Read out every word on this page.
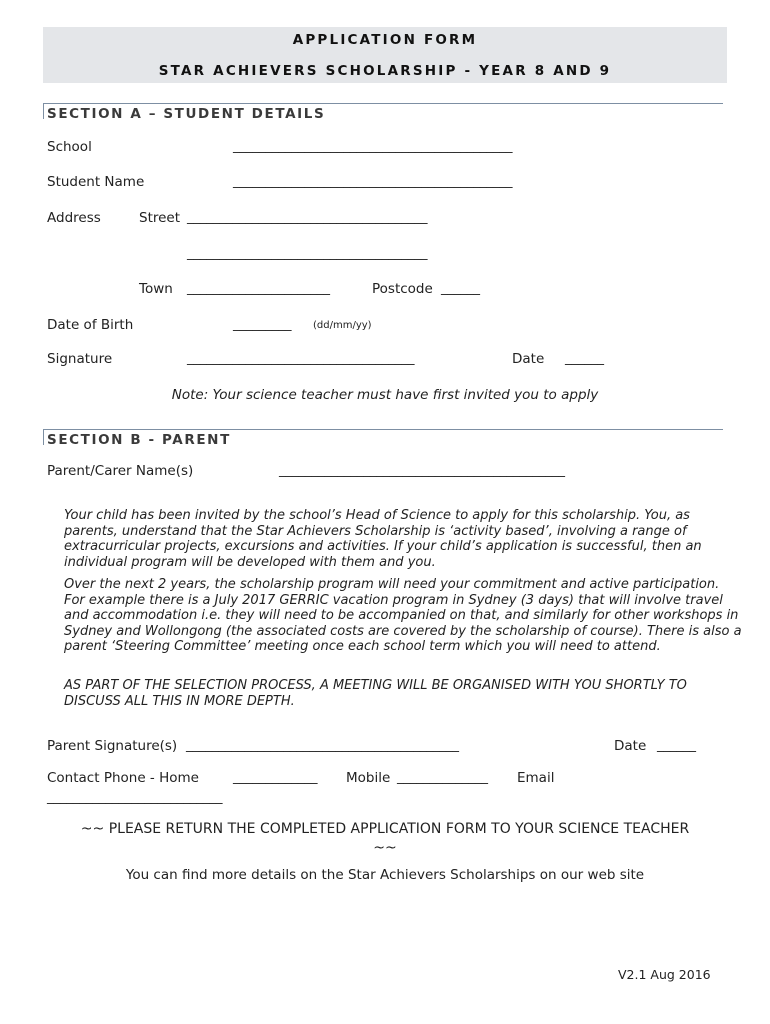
APPLICATION FORM
STAR ACHIEVERS SCHOLARSHIP - YEAR 8 AND 9
SECTION A – STUDENT DETAILS
School	___________________________________________
Student Name	___________________________________________
Address	Street _____________________________________
_____________________________________
Town ______________________	Postcode ______
Date of Birth	_________ (dd/mm/yy)
Signature	___________________________________	Date ______
Note: Your science teacher must have first invited you to apply
SECTION B - PARENT
Parent/Carer Name(s)	____________________________________________
Your child has been invited by the school’s Head of Science to apply for this scholarship. You, as parents, understand that the Star Achievers Scholarship is ‘activity based’, involving a range of extracurricular projects, excursions and activities. If your child’s application is successful, then an individual program will be developed with them and you.
Over the next 2 years, the scholarship program will need your commitment and active participation. For example there is a July 2017 GERRIC vacation program in Sydney (3 days) that will involve travel and accommodation i.e. they will need to be accompanied on that, and similarly for other workshops in Sydney and Wollongong (the associated costs are covered by the scholarship of course). There is also a parent ‘Steering Committee’ meeting once each school term which you will need to attend.
AS PART OF THE SELECTION PROCESS, A MEETING WILL BE ORGANISED WITH YOU SHORTLY TO DISCUSS ALL THIS IN MORE DEPTH.
Parent Signature(s) __________________________________________	Date ______
Contact Phone - Home	_____________ Mobile ______________ Email
___________________________
~~ PLEASE RETURN THE COMPLETED APPLICATION FORM TO YOUR SCIENCE TEACHER
~~
You can find more details on the Star Achievers Scholarships on our web site
V2.1 Aug 2016
